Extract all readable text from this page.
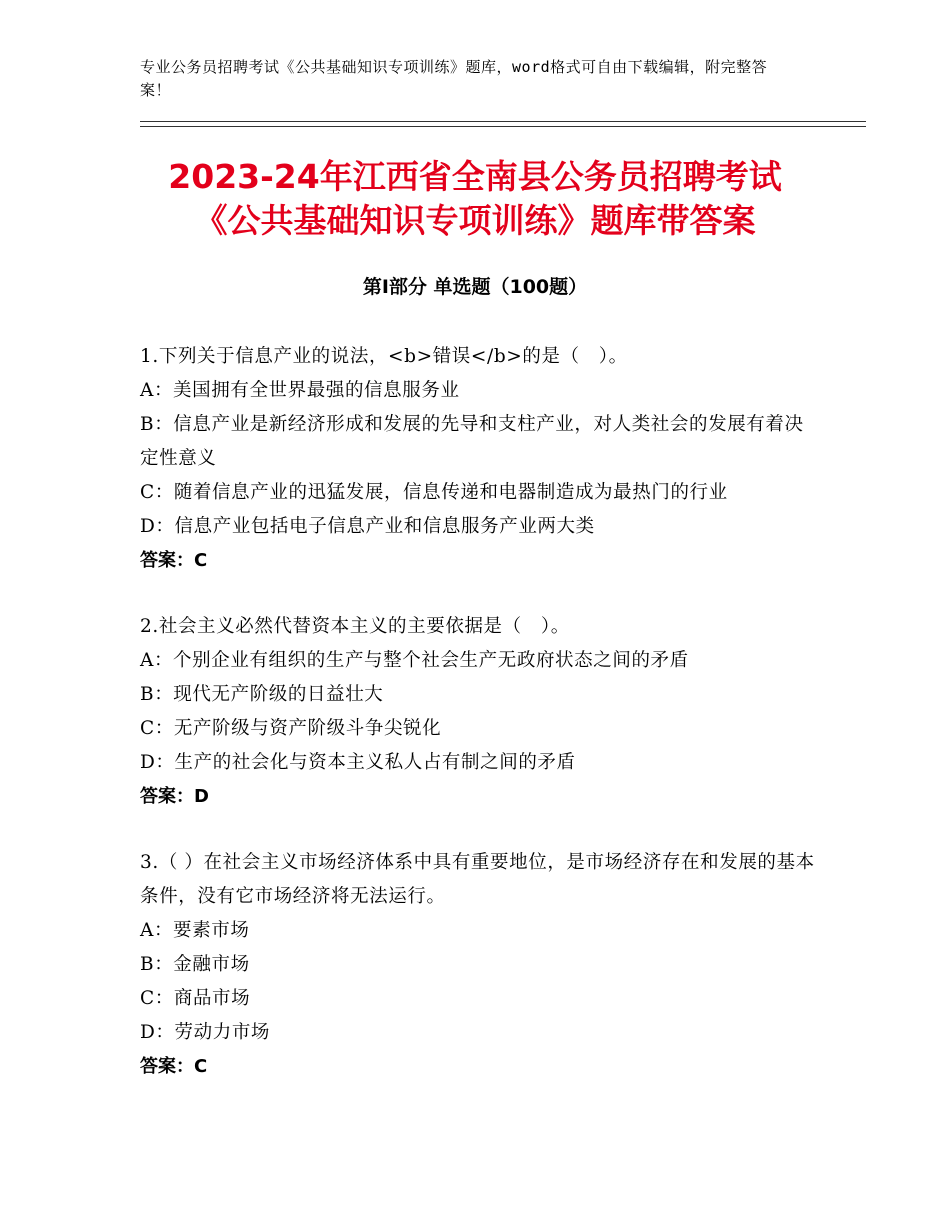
专业公务员招聘考试《公共基础知识专项训练》题库，word格式可自由下载编辑，附完整答案！
2023-24年江西省全南县公务员招聘考试
《公共基础知识专项训练》题库带答案
第Ⅰ部分 单选题（100题）
1.下列关于信息产业的说法，<b>错误</b>的是（　）。
A：美国拥有全世界最强的信息服务业
B：信息产业是新经济形成和发展的先导和支柱产业，对人类社会的发展有着决定性意义
C：随着信息产业的迅猛发展，信息传递和电器制造成为最热门的行业
D：信息产业包括电子信息产业和信息服务产业两大类
答案：C
2.社会主义必然代替资本主义的主要依据是（　）。
A：个别企业有组织的生产与整个社会生产无政府状态之间的矛盾
B：现代无产阶级的日益壮大
C：无产阶级与资产阶级斗争尖锐化
D：生产的社会化与资本主义私人占有制之间的矛盾
答案：D
3.（ ）在社会主义市场经济体系中具有重要地位，是市场经济存在和发展的基本条件，没有它市场经济将无法运行。
A：要素市场
B：金融市场
C：商品市场
D：劳动力市场
答案：C
